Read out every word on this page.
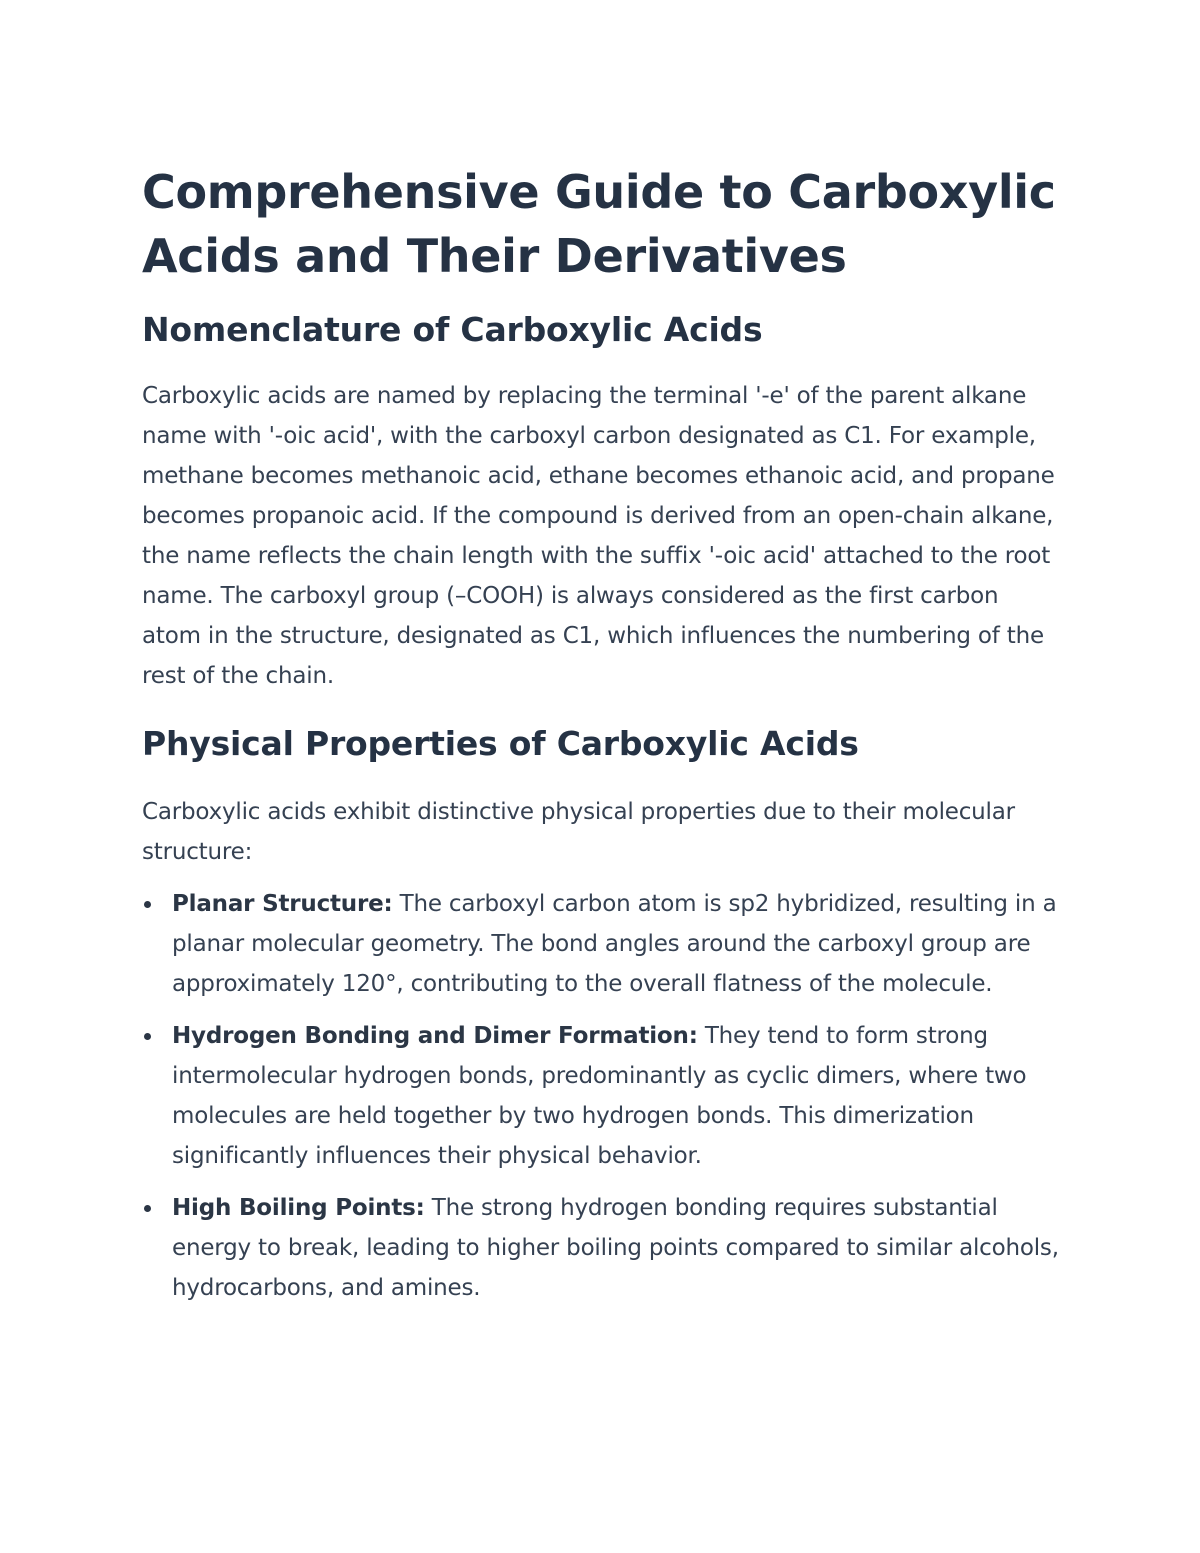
Comprehensive Guide to Carboxylic Acids and Their Derivatives
Nomenclature of Carboxylic Acids

Carboxylic acids are named by replacing the terminal '-e' of the parent alkane name with '-oic acid', with the carboxyl carbon designated as C1. For example, methane becomes methanoic acid, ethane becomes ethanoic acid, and propane becomes propanoic acid. If the compound is derived from an open-chain alkane, the name reflects the chain length with the suffix '-oic acid' attached to the root name. The carboxyl group (–COOH) is always considered as the first carbon atom in the structure, designated as C1, which influences the numbering of the rest of the chain.

Physical Properties of Carboxylic Acids

Carboxylic acids exhibit distinctive physical properties due to their molecular structure:

Planar Structure: The carboxyl carbon atom is sp2 hybridized, resulting in a planar molecular geometry. The bond angles around the carboxyl group are approximately 120°, contributing to the overall flatness of the molecule.
Hydrogen Bonding and Dimer Formation: They tend to form strong intermolecular hydrogen bonds, predominantly as cyclic dimers, where two molecules are held together by two hydrogen bonds. This dimerization significantly influences their physical behavior.
High Boiling Points: The strong hydrogen bonding requires substantial energy to break, leading to higher boiling points compared to similar alcohols, hydrocarbons, and amines.
